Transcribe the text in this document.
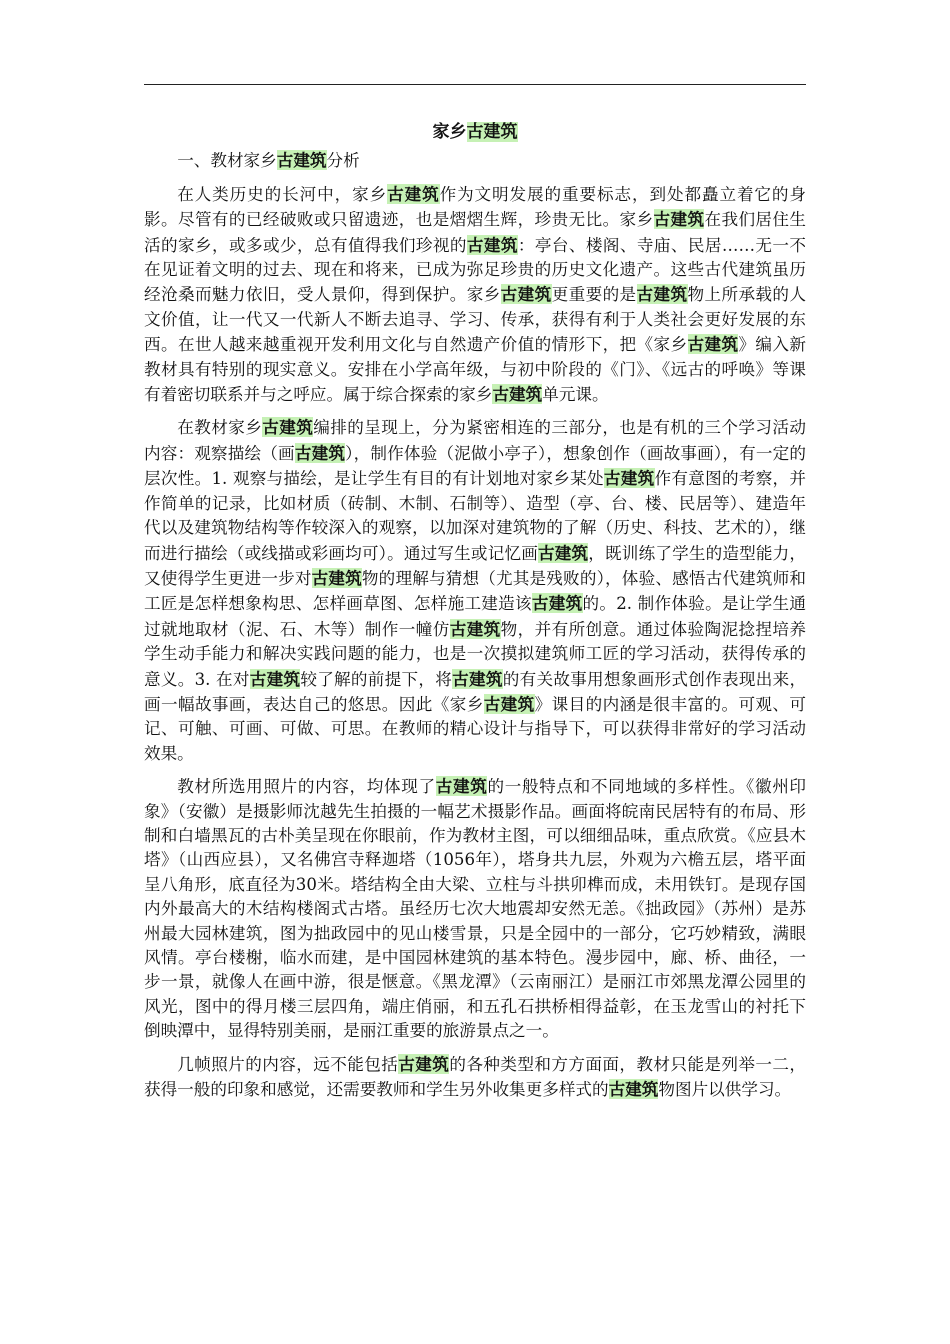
家乡古建筑
一、教材家乡古建筑分析
在人类历史的长河中，家乡古建筑作为文明发展的重要标志，到处都矗立着它的身影。尽管有的已经破败或只留遗迹，也是熠熠生辉，珍贵无比。家乡古建筑在我们居住生活的家乡，或多或少，总有值得我们珍视的古建筑：亭台、楼阁、寺庙、民居……无一不在见证着文明的过去、现在和将来，已成为弥足珍贵的历史文化遗产。这些古代建筑虽历经沧桑而魅力依旧，受人景仰，得到保护。家乡古建筑更重要的是古建筑物上所承载的人文价值，让一代又一代新人不断去追寻、学习、传承，获得有利于人类社会更好发展的东西。在世人越来越重视开发利用文化与自然遗产价值的情形下，把《家乡古建筑》编入新教材具有特别的现实意义。安排在小学高年级，与初中阶段的《门》、《远古的呼唤》等课有着密切联系并与之呼应。属于综合探索的家乡古建筑单元课。
在教材家乡古建筑编排的呈现上，分为紧密相连的三部分，也是有机的三个学习活动内容：观察描绘（画古建筑），制作体验（泥做小亭子），想象创作（画故事画），有一定的层次性。1. 观察与描绘，是让学生有目的有计划地对家乡某处古建筑作有意图的考察，并作简单的记录，比如材质（砖制、木制、石制等）、造型（亭、台、楼、民居等）、建造年代以及建筑物结构等作较深入的观察，以加深对建筑物的了解（历史、科技、艺术的），继而进行描绘（或线描或彩画均可）。通过写生或记忆画古建筑，既训练了学生的造型能力，又使得学生更进一步对古建筑物的理解与猜想（尤其是残败的），体验、感悟古代建筑师和工匠是怎样想象构思、怎样画草图、怎样施工建造该古建筑的。2. 制作体验。是让学生通过就地取材（泥、石、木等）制作一幢仿古建筑物，并有所创意。通过体验陶泥捻捏培养学生动手能力和解决实践问题的能力，也是一次摸拟建筑师工匠的学习活动，获得传承的意义。3. 在对古建筑较了解的前提下，将古建筑的有关故事用想象画形式创作表现出来，画一幅故事画，表达自己的悠思。因此《家乡古建筑》课目的内涵是很丰富的。可观、可记、可触、可画、可做、可思。在教师的精心设计与指导下，可以获得非常好的学习活动效果。
教材所选用照片的内容，均体现了古建筑的一般特点和不同地域的多样性。《徽州印象》（安徽）是摄影师沈越先生拍摄的一幅艺术摄影作品。画面将皖南民居特有的布局、形制和白墙黑瓦的古朴美呈现在你眼前，作为教材主图，可以细细品味，重点欣赏。《应县木塔》（山西应县），又名佛宫寺释迦塔（1056年），塔身共九层，外观为六檐五层，塔平面呈八角形，底直径为30米。塔结构全由大梁、立柱与斗拱卯榫而成，未用铁钉。是现存国内外最高大的木结构楼阁式古塔。虽经历七次大地震却安然无恙。《拙政园》（苏州）是苏州最大园林建筑，图为拙政园中的见山楼雪景，只是全园中的一部分，它巧妙精致，满眼风情。亭台楼榭，临水而建，是中国园林建筑的基本特色。漫步园中，廊、桥、曲径，一步一景，就像人在画中游，很是惬意。《黑龙潭》（云南丽江）是丽江市郊黑龙潭公园里的风光，图中的得月楼三层四角，端庄俏丽，和五孔石拱桥相得益彰，在玉龙雪山的衬托下倒映潭中，显得特别美丽，是丽江重要的旅游景点之一。
几帧照片的内容，远不能包括古建筑的各种类型和方方面面，教材只能是列举一二，获得一般的印象和感觉，还需要教师和学生另外收集更多样式的古建筑物图片以供学习。
